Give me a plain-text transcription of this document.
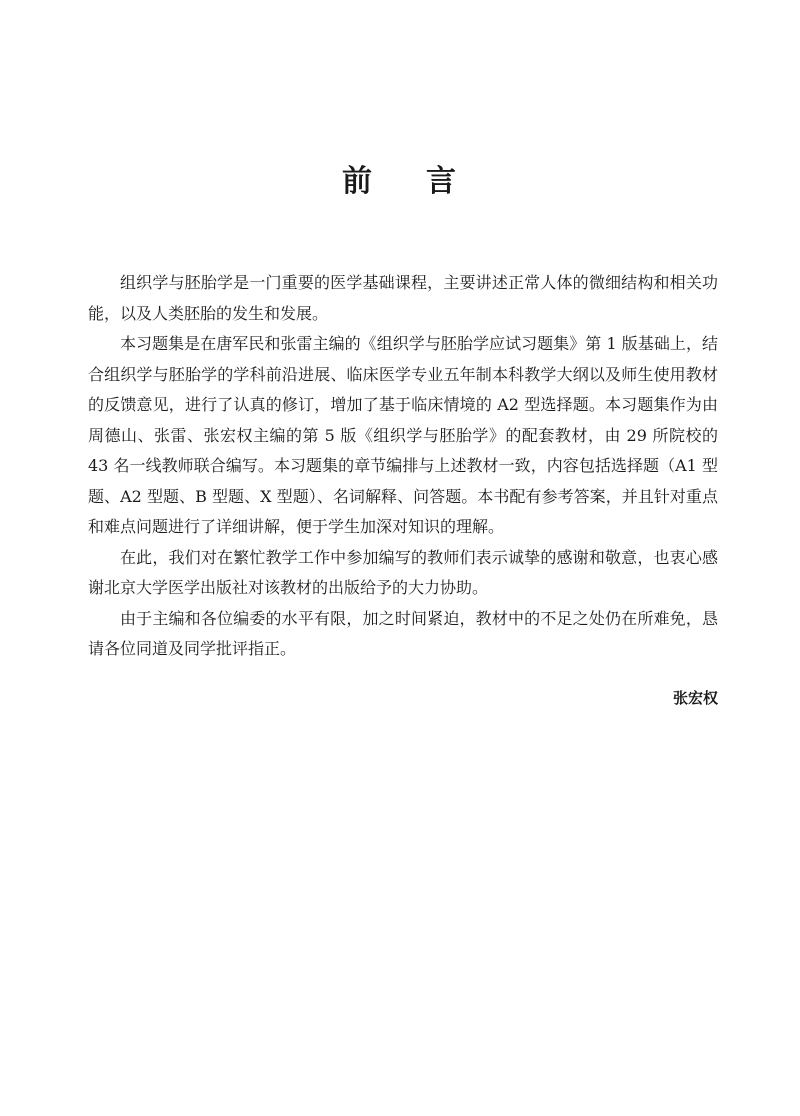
前 言

组织学与胚胎学是一门重要的医学基础课程，主要讲述正常人体的微细结构和相关功能，以及人类胚胎的发生和发展。

本习题集是在唐军民和张雷主编的《组织学与胚胎学应试习题集》第 1 版基础上，结合组织学与胚胎学的学科前沿进展、临床医学专业五年制本科教学大纲以及师生使用教材的反馈意见，进行了认真的修订，增加了基于临床情境的 A2 型选择题。本习题集作为由周德山、张雷、张宏权主编的第 5 版《组织学与胚胎学》的配套教材，由 29 所院校的 43 名一线教师联合编写。本习题集的章节编排与上述教材一致，内容包括选择题（A1 型题、A2 型题、B 型题、X 型题）、名词解释、问答题。本书配有参考答案，并且针对重点和难点问题进行了详细讲解，便于学生加深对知识的理解。

在此，我们对在繁忙教学工作中参加编写的教师们表示诚挚的感谢和敬意，也衷心感谢北京大学医学出版社对该教材的出版给予的大力协助。

由于主编和各位编委的水平有限，加之时间紧迫，教材中的不足之处仍在所难免，恳请各位同道及同学批评指正。

张宏权
